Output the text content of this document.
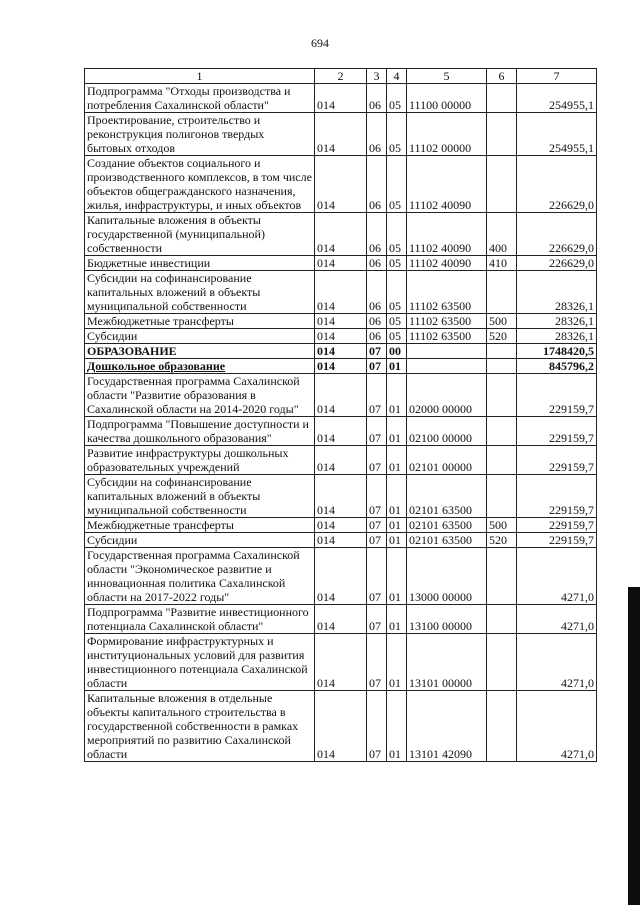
694
1	2	3	4	5	6	7
Подпрограмма "Отходы производства и потребления Сахалинской области"	014	06	05	11100 00000		254955,1
Проектирование, строительство и реконструкция полигонов твердых бытовых отходов	014	06	05	11102 00000		254955,1
Создание объектов социального и производственного комплексов, в том числе объектов общегражданского назначения, жилья, инфраструктуры, и иных объектов	014	06	05	11102 40090		226629,0
Капитальные вложения в объекты государственной (муниципальной) собственности	014	06	05	11102 40090	400	226629,0
Бюджетные инвестиции	014	06	05	11102 40090	410	226629,0
Субсидии на софинансирование капитальных вложений в объекты муниципальной собственности	014	06	05	11102 63500		28326,1
Межбюджетные трансферты	014	06	05	11102 63500	500	28326,1
Субсидии	014	06	05	11102 63500	520	28326,1
ОБРАЗОВАНИЕ	014	07	00			1748420,5
Дошкольное образование	014	07	01			845796,2
Государственная программа Сахалинской области "Развитие образования в Сахалинской области на 2014-2020 годы"	014	07	01	02000 00000		229159,7
Подпрограмма "Повышение доступности и качества дошкольного образования"	014	07	01	02100 00000		229159,7
Развитие инфраструктуры дошкольных образовательных учреждений	014	07	01	02101 00000		229159,7
Субсидии на софинансирование капитальных вложений в объекты муниципальной собственности	014	07	01	02101 63500		229159,7
Межбюджетные трансферты	014	07	01	02101 63500	500	229159,7
Субсидии	014	07	01	02101 63500	520	229159,7
Государственная программа Сахалинской области "Экономическое развитие и инновационная политика Сахалинской области на 2017-2022 годы"	014	07	01	13000 00000		4271,0
Подпрограмма "Развитие инвестиционного потенциала Сахалинской области"	014	07	01	13100 00000		4271,0
Формирование инфраструктурных и институциональных условий для развития инвестиционного потенциала Сахалинской области	014	07	01	13101 00000		4271,0
Капитальные вложения в отдельные объекты капитального строительства в государственной собственности в рамках мероприятий по развитию Сахалинской области	014	07	01	13101 42090		4271,0
